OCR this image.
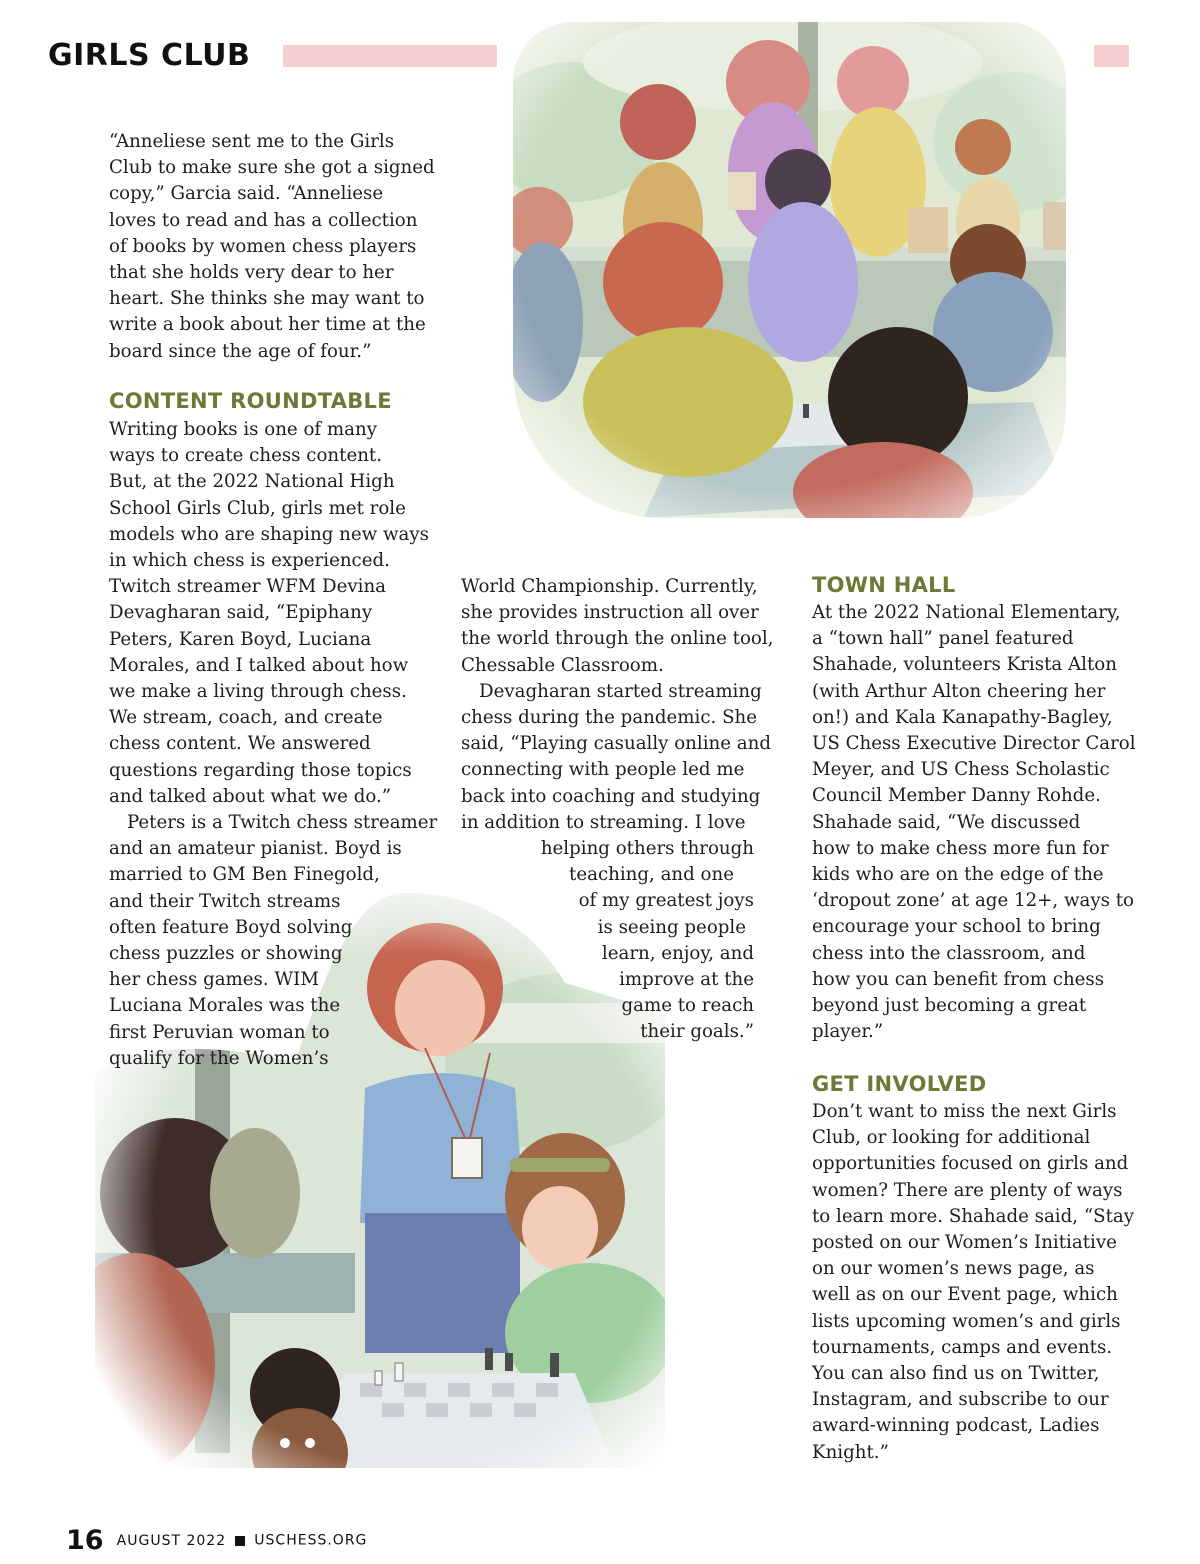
GIRLS CLUB

“Anneliese sent me to the Girls

Club to make sure she got a signed

copy,” Garcia said. “Anneliese

loves to read and has a collection

of books by women chess players

that she holds very dear to her

heart. She thinks she may want to

write a book about her time at the

board since the age of four.”

CONTENT ROUNDTABLE

Writing books is one of many

ways to create chess content.

But, at the 2022 National High

School Girls Club, girls met role

models who are shaping new ways

in which chess is experienced.

Twitch streamer WFM Devina

Devagharan said, “Epiphany

Peters, Karen Boyd, Luciana

Morales, and I talked about how

we make a living through chess.

We stream, coach, and create

chess content. We answered

questions regarding those topics

and talked about what we do.”

Peters is a Twitch chess streamer

and an amateur pianist. Boyd is

married to GM Ben Finegold,

and their Twitch streams

often feature Boyd solving

chess puzzles or showing

her chess games. WIM

Luciana Morales was the

first Peruvian woman to

qualify for the Women’s

World Championship. Currently,

she provides instruction all over

the world through the online tool,

Chessable Classroom.

Devagharan started streaming

chess during the pandemic. She

said, “Playing casually online and

connecting with people led me

back into coaching and studying

in addition to streaming. I love

helping others through

teaching, and one

of my greatest joys

is seeing people

learn, enjoy, and

improve at the

game to reach

their goals.”

TOWN HALL

At the 2022 National Elementary,

a “town hall” panel featured

Shahade, volunteers Krista Alton

(with Arthur Alton cheering her

on!) and Kala Kanapathy-Bagley,

US Chess Executive Director Carol

Meyer, and US Chess Scholastic

Council Member Danny Rohde.

Shahade said, “We discussed

how to make chess more fun for

kids who are on the edge of the

‘dropout zone’ at age 12+, ways to

encourage your school to bring

chess into the classroom, and

how you can benefit from chess

beyond just becoming a great

player.”

GET INVOLVED

Don’t want to miss the next Girls

Club, or looking for additional

opportunities focused on girls and

women? There are plenty of ways

to learn more. Shahade said, “Stay

posted on our Women’s Initiative

on our women’s news page, as

well as on our Event page, which

lists upcoming women’s and girls

tournaments, camps and events.

You can also find us on Twitter,

Instagram, and subscribe to our

award-winning podcast, Ladies

Knight.”

16 AUGUST 2022 USCHESS.ORG
